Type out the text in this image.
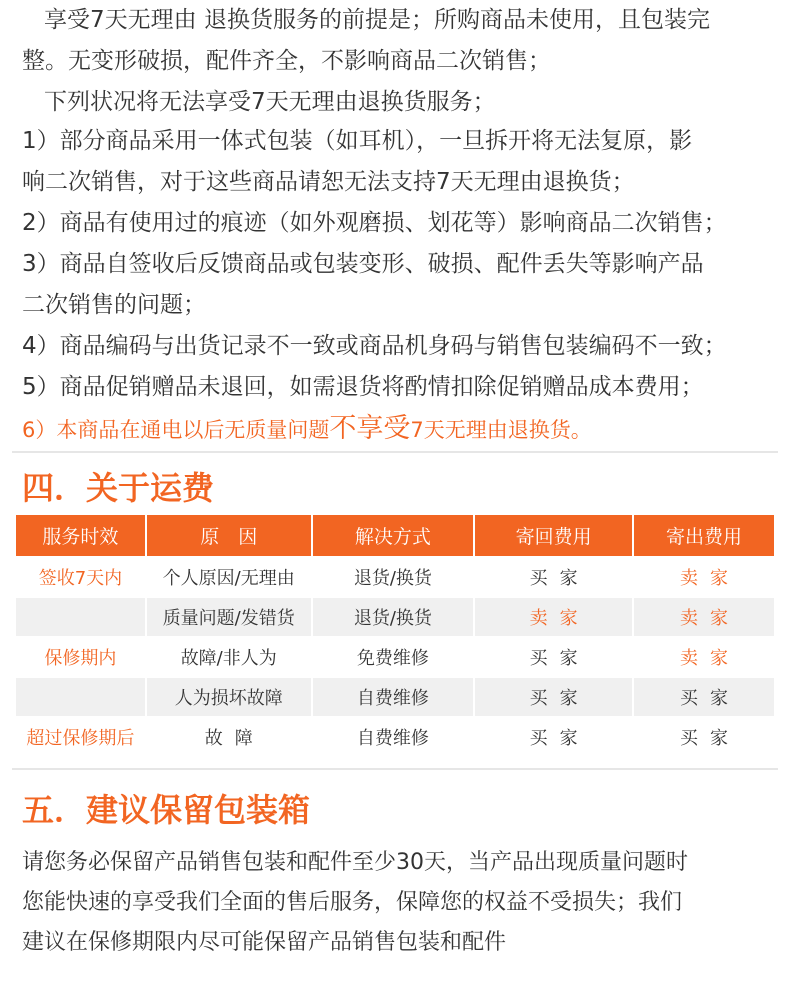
享受7天无理由 退换货服务的前提是；所购商品未使用，且包装完
整。无变形破损，配件齐全，不影响商品二次销售；
下列状况将无法享受7天无理由退换货服务；
1）部分商品采用一体式包装（如耳机），一旦拆开将无法复原，影
响二次销售，对于这些商品请恕无法支持7天无理由退换货；
2）商品有使用过的痕迹（如外观磨损、划花等）影响商品二次销售；
3）商品自签收后反馈商品或包装变形、破损、配件丢失等影响产品
二次销售的问题；
4）商品编码与出货记录不一致或商品机身码与销售包装编码不一致；
5）商品促销赠品未退回，如需退货将酌情扣除促销赠品成本费用；
6）本商品在通电以后无质量问题不享受7天无理由退换货。
四．关于运费
服务时效	原　因	解决方式	寄回费用	寄出费用
签收7天内	个人原因/无理由	退货/换货	买家	卖家
	质量问题/发错货	退货/换货	卖家	卖家
保修期内	故障/非人为	免费维修	买家	卖家
	人为损坏故障	自费维修	买家	买家
超过保修期后	故障	自费维修	买家	买家
五．建议保留包装箱
请您务必保留产品销售包装和配件至少30天，当产品出现质量问题时
您能快速的享受我们全面的售后服务，保障您的权益不受损失；我们
建议在保修期限内尽可能保留产品销售包装和配件
